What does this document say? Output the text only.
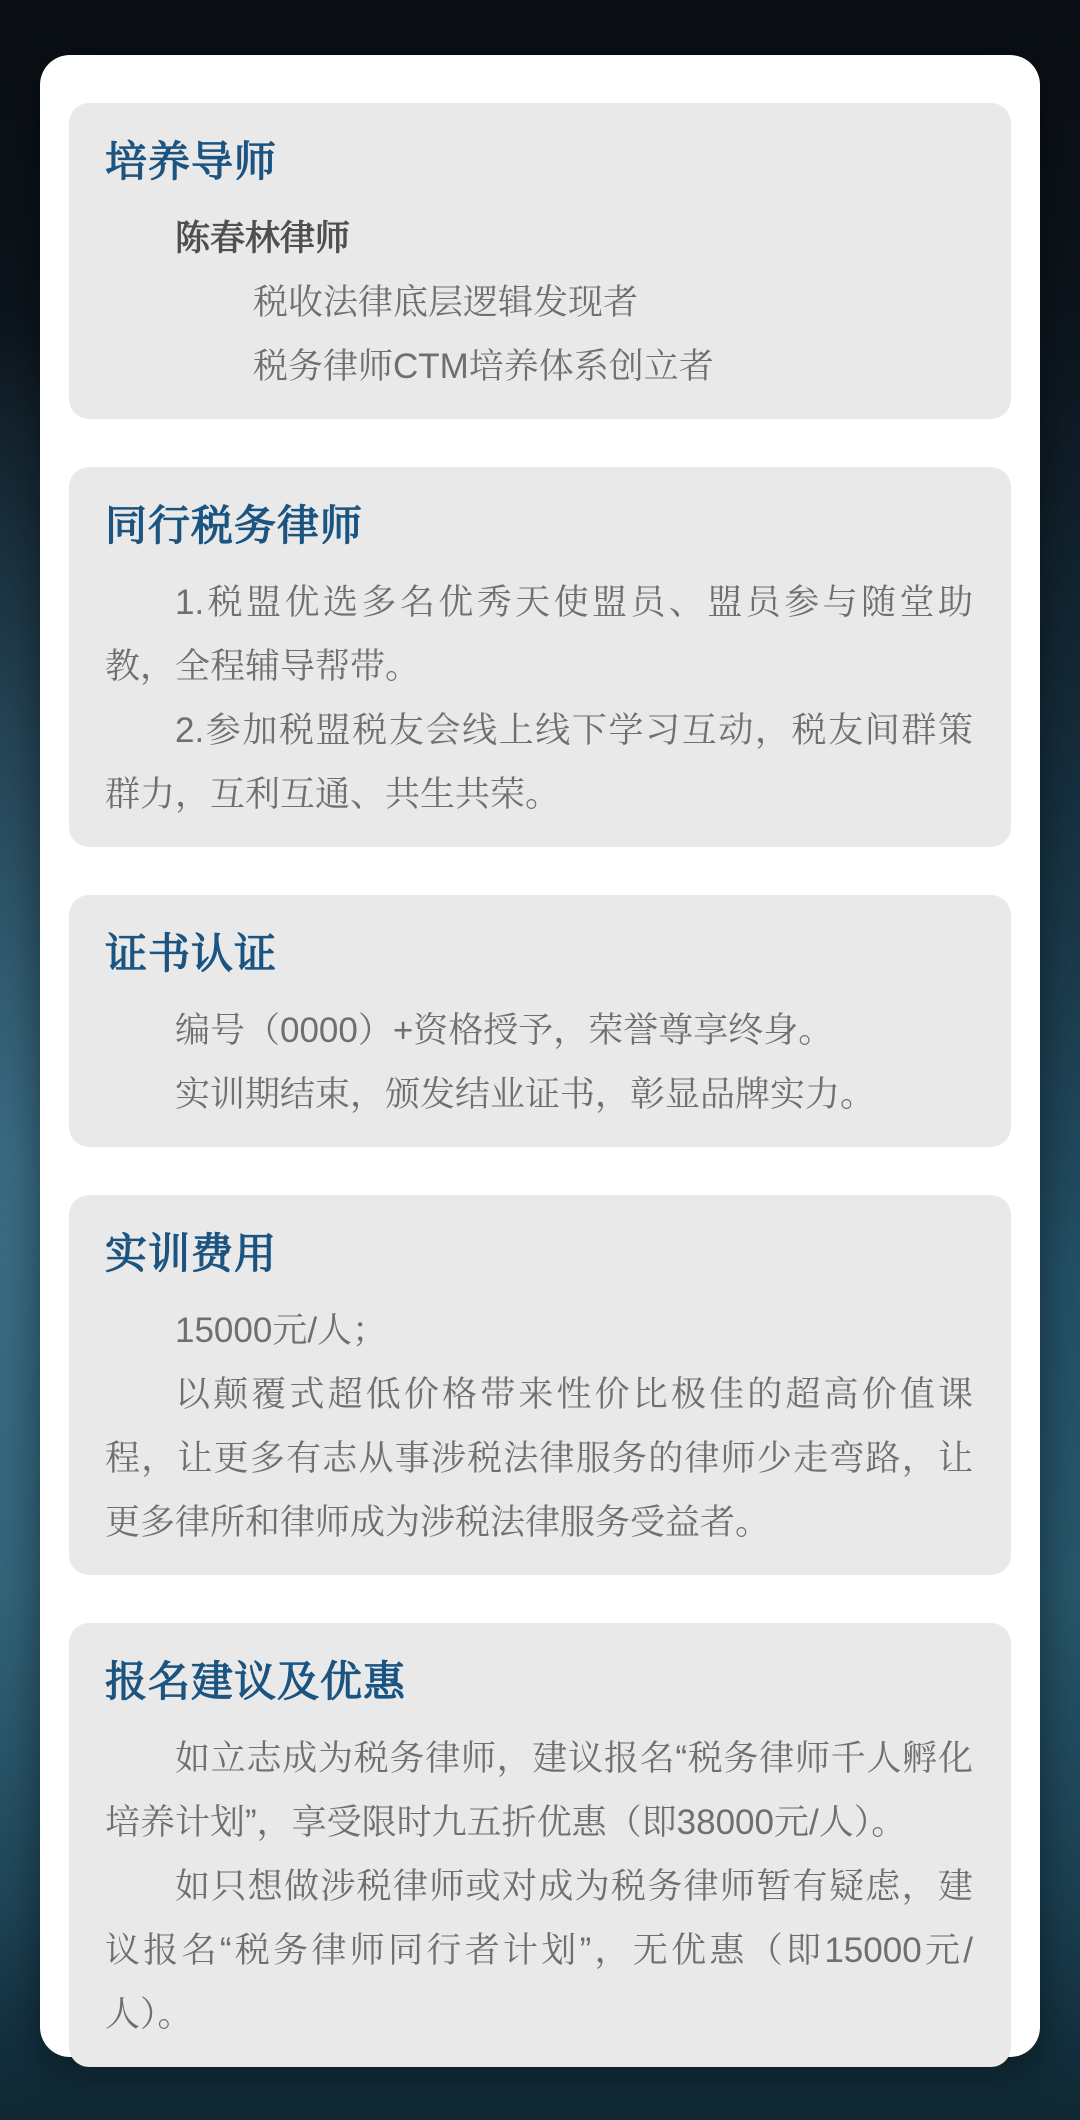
培养导师

陈春林律师

税收法律底层逻辑发现者

税务律师CTM培养体系创立者

同行税务律师

1.税盟优选多名优秀天使盟员、盟员参与随堂助教，全程辅导帮带。

2.参加税盟税友会线上线下学习互动，税友间群策群力，互利互通、共生共荣。

证书认证

编号（0000）+资格授予，荣誉尊享终身。

实训期结束，颁发结业证书，彰显品牌实力。

实训费用

15000元/人；

以颠覆式超低价格带来性价比极佳的超高价值课程，让更多有志从事涉税法律服务的律师少走弯路，让更多律所和律师成为涉税法律服务受益者。

报名建议及优惠

如立志成为税务律师，建议报名“税务律师千人孵化培养计划”，享受限时九五折优惠（即38000元/人）。

如只想做涉税律师或对成为税务律师暂有疑虑，建议报名“税务律师同行者计划”，无优惠（即15000元/人）。
